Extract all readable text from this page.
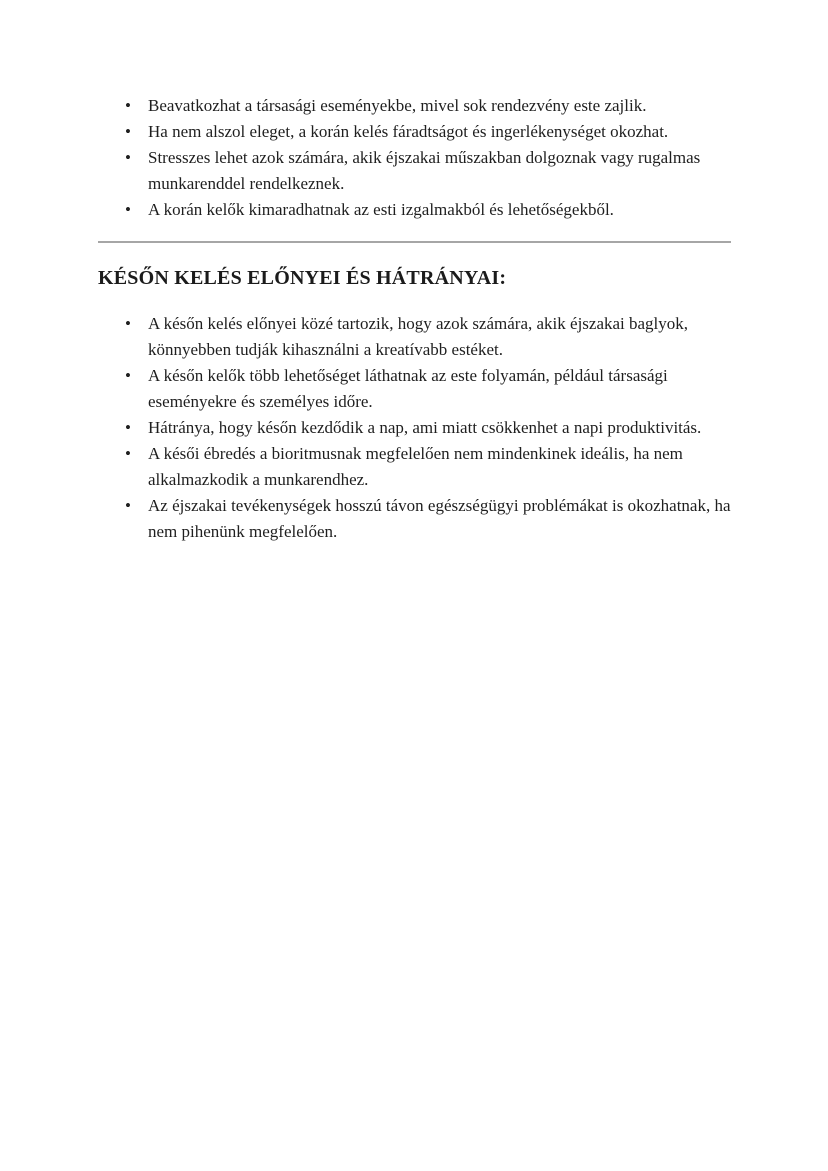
• Beavatkozhat a társasági eseményekbe, mivel sok rendezvény este zajlik.
• Ha nem alszol eleget, a korán kelés fáradtságot és ingerlékenységet okozhat.
• Stresszes lehet azok számára, akik éjszakai műszakban dolgoznak vagy rugalmas munkarenddel rendelkeznek.
• A korán kelők kimaradhatnak az esti izgalmakból és lehetőségekből.
KÉSŐN KELÉS ELŐNYEI ÉS HÁTRÁNYAI:
• A későn kelés előnyei közé tartozik, hogy azok számára, akik éjszakai baglyok, könnyebben tudják kihasználni a kreatívabb estéket.
• A későn kelők több lehetőséget láthatnak az este folyamán, például társasági eseményekre és személyes időre.
• Hátránya, hogy későn kezdődik a nap, ami miatt csökkenhet a napi produktivitás.
• A késői ébredés a bioritmusnak megfelelően nem mindenkinek ideális, ha nem alkalmazkodik a munkarendhez.
• Az éjszakai tevékenységek hosszú távon egészségügyi problémákat is okozhatnak, ha nem pihenünk megfelelően.
